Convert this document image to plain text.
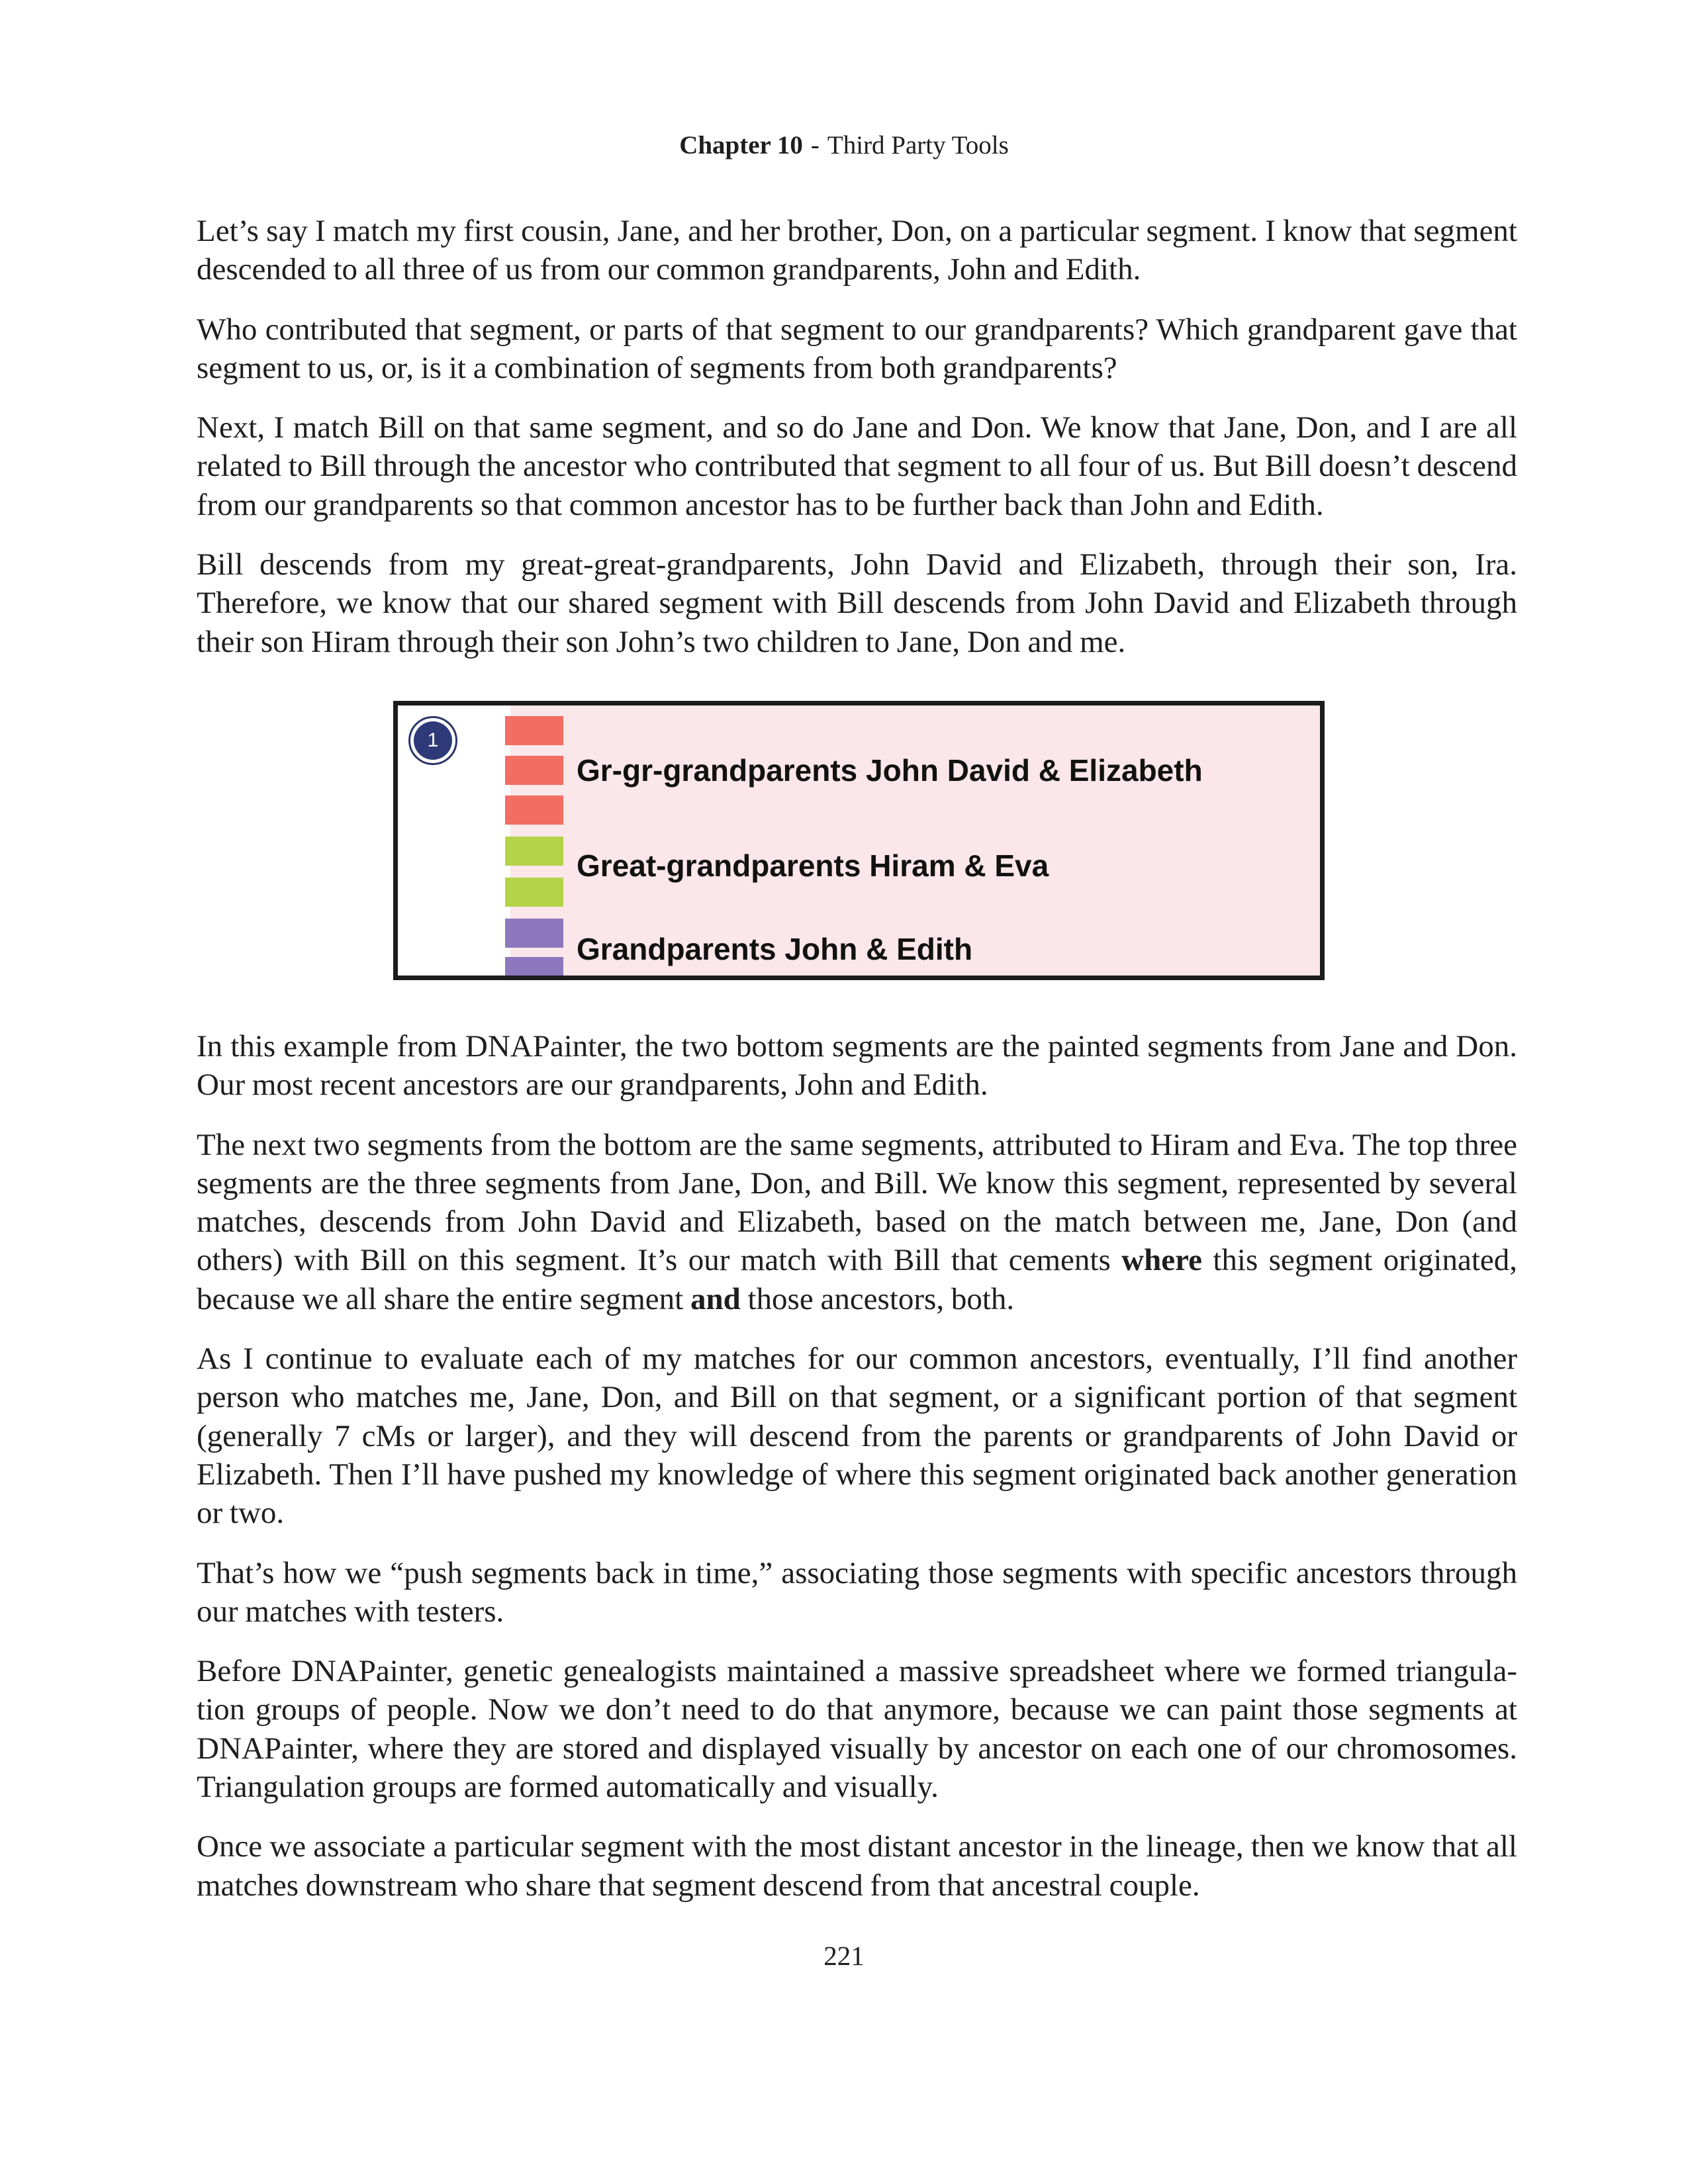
Chapter 10 - Third Party Tools

Let’s say I match my first cousin, Jane, and her brother, Don, on a particular segment. I know that segment descended to all three of us from our common grandparents, John and Edith.

Who contributed that segment, or parts of that segment to our grandparents? Which grandparent gave that segment to us, or, is it a combination of segments from both grandparents?

Next, I match Bill on that same segment, and so do Jane and Don. We know that Jane, Don, and I are all related to Bill through the ancestor who contributed that segment to all four of us. But Bill doesn’t descend from our grandparents so that common ancestor has to be further back than John and Edith.

Bill descends from my great-great-grandparents, John David and Elizabeth, through their son, Ira. Therefore, we know that our shared segment with Bill descends from John David and Elizabeth through their son Hiram through their son John’s two children to Jane, Don and me.

1
Gr-gr-grandparents John David & Elizabeth
Great-grandparents Hiram & Eva
Grandparents John & Edith

In this example from DNAPainter, the two bottom segments are the painted segments from Jane and Don. Our most recent ancestors are our grandparents, John and Edith.

The next two segments from the bottom are the same segments, attributed to Hiram and Eva. The top three segments are the three segments from Jane, Don, and Bill. We know this segment, represented by several matches, descends from John David and Elizabeth, based on the match between me, Jane, Don (and others) with Bill on this segment. It’s our match with Bill that cements where this segment originated, because we all share the entire segment and those ancestors, both.

As I continue to evaluate each of my matches for our common ancestors, eventually, I’ll find another person who matches me, Jane, Don, and Bill on that segment, or a significant portion of that segment (generally 7 cMs or larger), and they will descend from the parents or grandparents of John David or Elizabeth. Then I’ll have pushed my knowledge of where this segment originated back another generation or two.

That’s how we “push segments back in time,” associating those segments with specific ancestors through our matches with testers.

Before DNAPainter, genetic genealogists maintained a massive spreadsheet where we formed triangula-tion groups of people. Now we don’t need to do that anymore, because we can paint those segments at DNAPainter, where they are stored and displayed visually by ancestor on each one of our chromosomes. Triangulation groups are formed automatically and visually.

Once we associate a particular segment with the most distant ancestor in the lineage, then we know that all matches downstream who share that segment descend from that ancestral couple.

221
